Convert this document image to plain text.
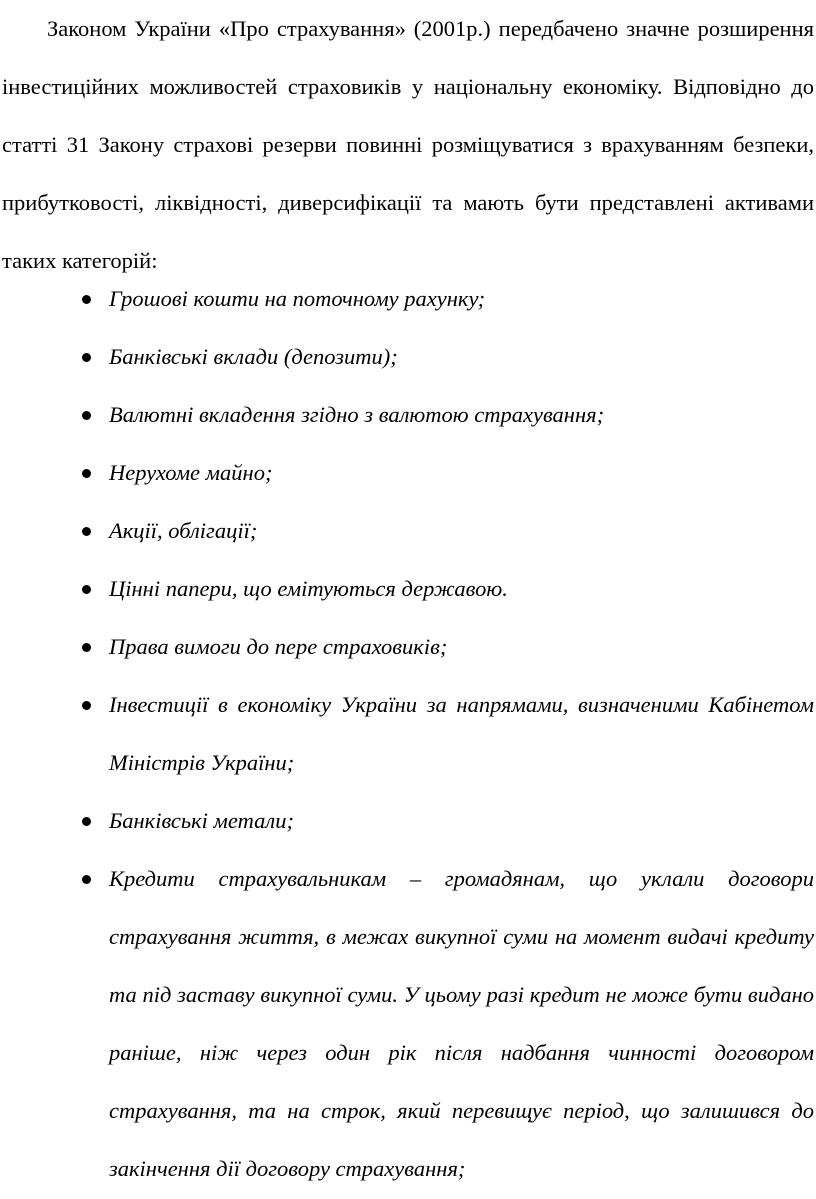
Законом України «Про страхування» (2001р.) передбачено значне розширення інвестиційних можливостей страховиків у національну економіку. Відповідно до статті 31 Закону страхові резерви повинні розміщуватися з врахуванням безпеки, прибутковості, ліквідності, диверсифікації та мають бути представлені активами таких категорій:

Грошові кошти на поточному рахунку;
Банківські вклади (депозити);
Валютні вкладення згідно з валютою страхування;
Нерухоме майно;
Акції, облігації;
Цінні папери, що емітуються державою.
Права вимоги до пере страховиків;
Інвестиції в економіку України за напрямами, визначеними Кабінетом Міністрів України;
Банківські метали;
Кредити страхувальникам – громадянам, що уклали договори страхування життя, в межах викупної суми на момент видачі кредиту та під заставу викупної суми. У цьому разі кредит не може бути видано раніше, ніж через один рік після надбання чинності договором страхування, та на строк, який перевищує період, що залишився до закінчення дії договору страхування;
